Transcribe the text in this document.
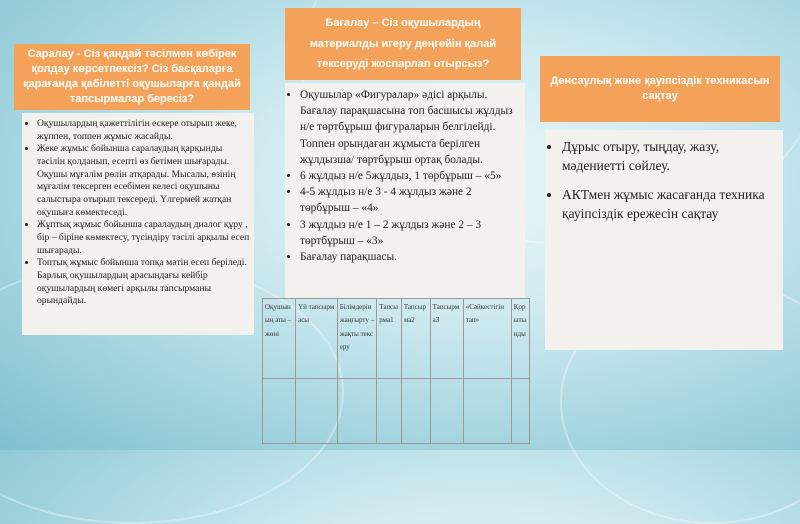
Саралау - Сіз қандай тәсілмен көбірек қолдау көрсетпексіз? Сіз басқаларға қарағанда қабілетті оқушыларға қандай тапсырмалар бересіз?
• Оқушылардың қажеттілігін ескере отырып жеке, жұппен, топпен жұмыс жасайды.
• Жеке жұмыс бойынша саралаудың қарқынды тәсілін қолданып, есепті өз бетімен шығарады. Оқушы мұғалім рөлін атқарады. Мысалы, өзінің мұғалім тексерген есебімен келесі оқушыны салыстыра отырып тексереді. Үлгермей жатқан оқушыға көмектеседі.
• Жұптық жұмыс бойынша саралаудың диалог құру , бір – біріне көмектесу, түсіндіру тәсілі арқылы есеп шығарады.
• Топтық жұмыс бойынша топқа мәтін есеп беріледі. Барлық оқушылардың арасындағы кейбір оқушылардың көмегі арқылы тапсырманы орындайды.
Бағалау – Сіз оқушылардың материалды игеру деңгейін қалай тексеруді жоспарлап отырсыз?
• Оқушылар «Фигуралар» әдісі арқылы. Бағалау парақшасына топ басшысы жұлдыз н/е төртбұрыш фигураларын белгілейді. Топпен орындаған жұмыста берілген жұлдызша/ төртбұрыш ортақ болады.
• 6 жұлдыз н/е 5жұлдыз, 1 төрбұрыш – «5»
• 4-5 жұлдыз н/е 3 - 4 жұлдыз және 2 төрбұрыш – «4»
• 3 жұлдыз н/е 1 – 2 жұлдыз және 2 – 3 төртбұрыш – «3»
• Бағалау парақшасы.
Оқушының аты – жөні	Үй тапсырмасы	Білімдерін жаңғырту – жақты тексеру	Тапсырма1	Тапсырма2	Тапсырма3	«Сәйкестігін тап»	Қорытынды

Денсаулық және қауіпсіздік техникасын сақтау
• Дұрыс отыру, тыңдау, жазу, мәдениетті сөйлеу.
• АКТмен жұмыс жасағанда техника қауіпсіздік ережесін сақтау
